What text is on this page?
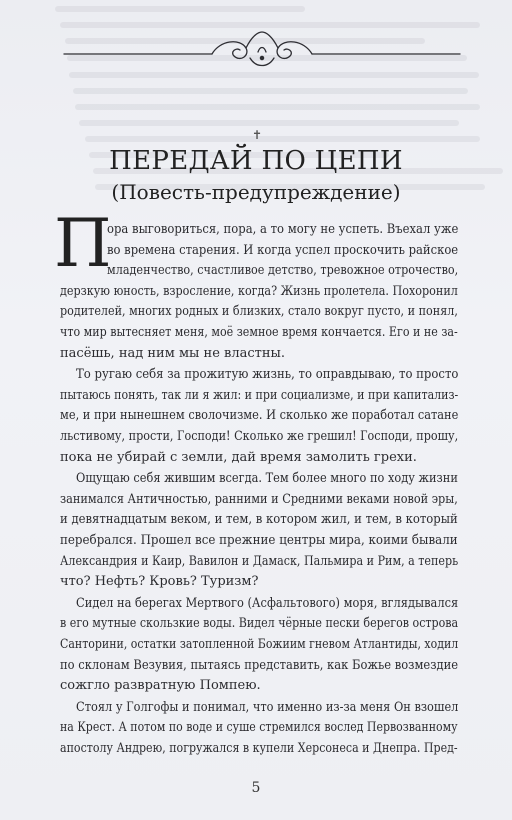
✝
ПЕРЕДАЙ ПО ЦЕПИ
(Повесть-предупреждение)
П
ора выговориться, пора, а то могу не успеть. Въехал уже
во времена старения. И когда успел проскочить райское
младенчество, счастливое детство, тревожное отрочество,
дерзкую юность, взросление, когда? Жизнь пролетела. Похоронил
родителей, многих родных и близких, стало вокруг пусто, и понял,
что мир вытесняет меня, моё земное время кончается. Его и не за-
пасёшь, над ним мы не властны.
То ругаю себя за прожитую жизнь, то оправдываю, то просто
пытаюсь понять, так ли я жил: и при социализме, и при капитализ-
ме, и при нынешнем сволочизме. И сколько же поработал сатане
льстивому, прости, Господи! Сколько же грешил! Господи, прошу,
пока не убирай с земли, дай время замолить грехи.
Ощущаю себя жившим всегда. Тем более много по ходу жизни
занимался Античностью, ранними и Средними веками новой эры,
и девятнадцатым веком, и тем, в котором жил, и тем, в который
перебрался. Прошел все прежние центры мира, коими бывали
Александрия и Каир, Вавилон и Дамаск, Пальмира и Рим, а теперь
что? Нефть? Кровь? Туризм?
Сидел на берегах Мертвого (Асфальтового) моря, вглядывался
в его мутные скользкие воды. Видел чёрные пески берегов острова
Санторини, остатки затопленной Божиим гневом Атлантиды, ходил
по склонам Везувия, пытаясь представить, как Божье возмездие
сожгло развратную Помпею.
5
Стоял у Голгофы и понимал, что именно из-за меня Он взошел
на Крест. А потом по воде и суше стремился вослед Первозванному
апостолу Андрею, погружался в купели Херсонеса и Днепра. Пред-
